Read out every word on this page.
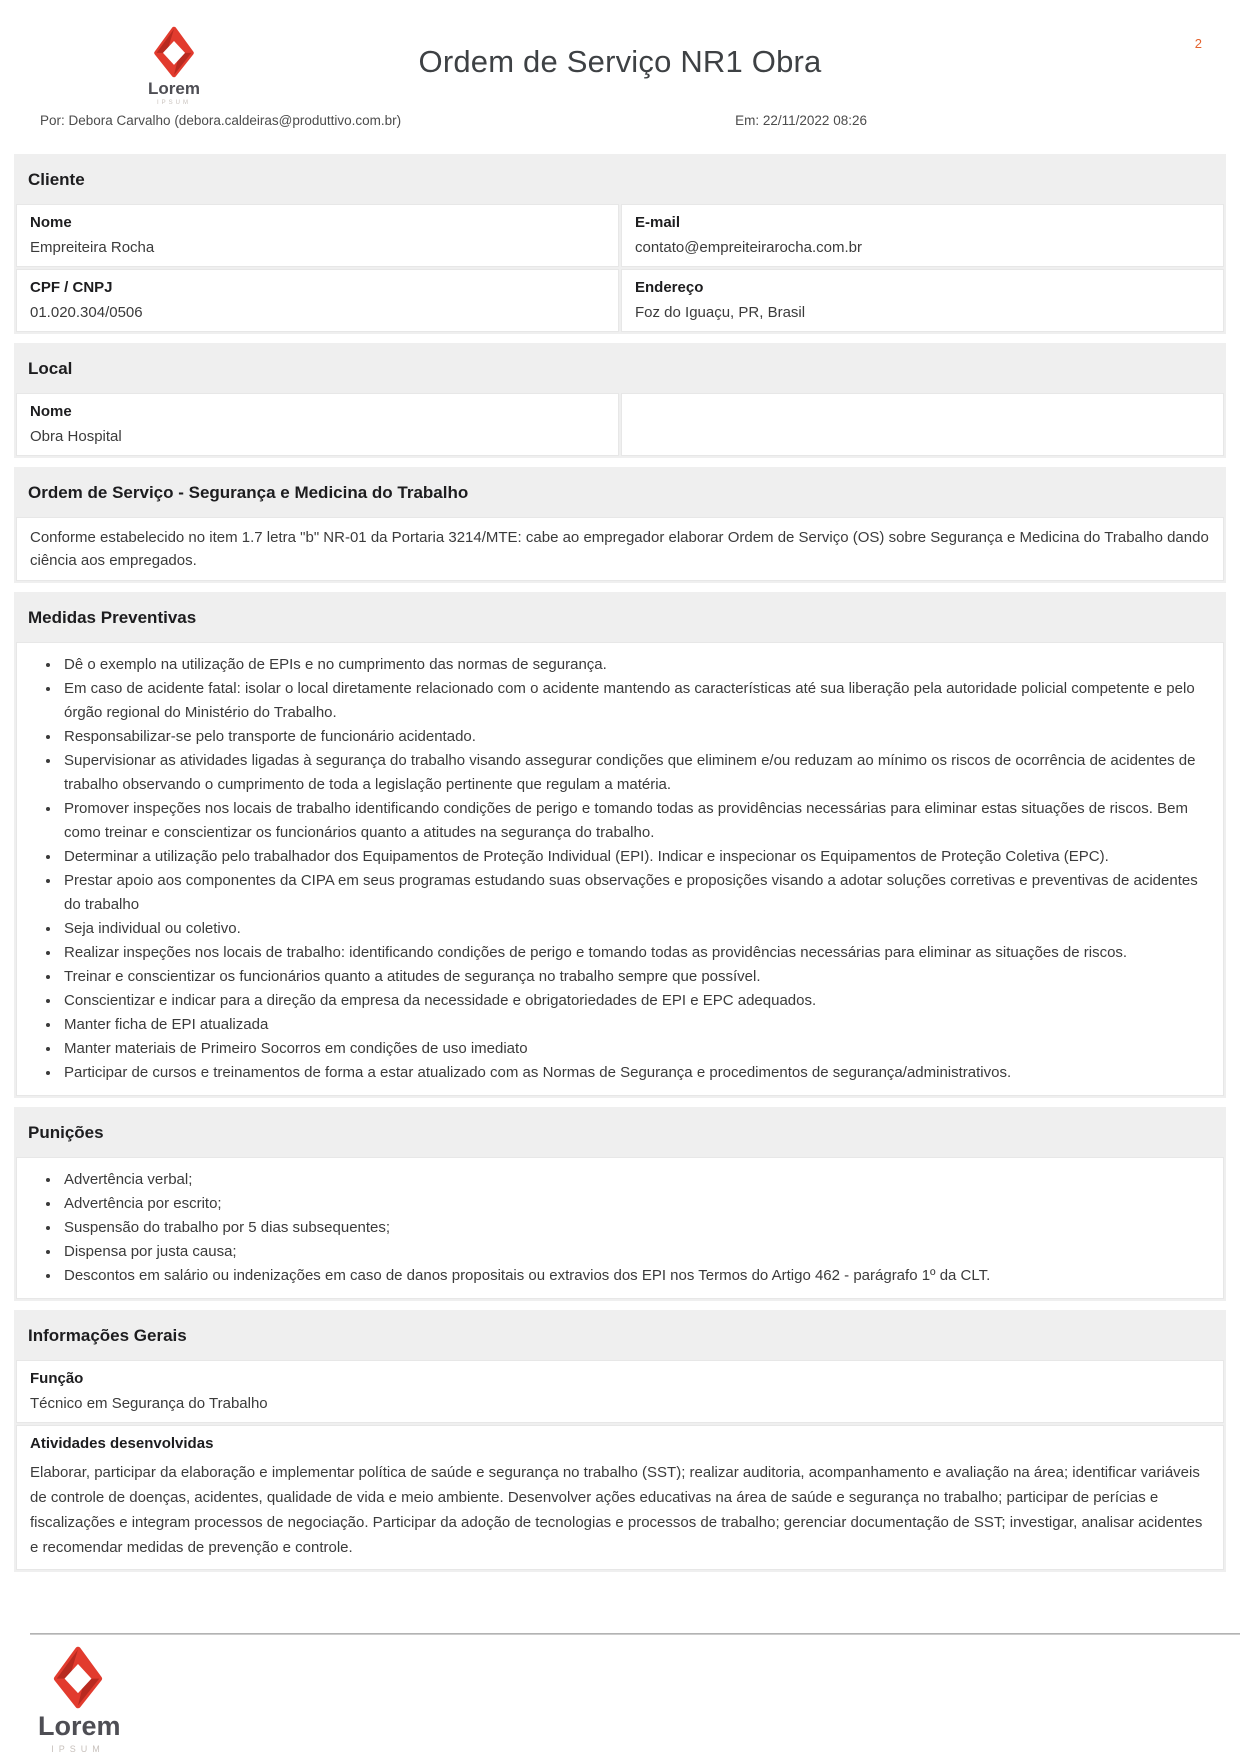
2
Lorem
IPSUM
Ordem de Serviço NR1 Obra
Por: Debora Carvalho (debora.caldeiras@produttivo.com.br)	Em: 22/11/2022 08:26
Cliente
Nome
Empreiteira Rocha
E-mail
contato@empreiteirarocha.com.br
CPF / CNPJ
01.020.304/0506
Endereço
Foz do Iguaçu, PR, Brasil
Local
Nome
Obra Hospital
Ordem de Serviço - Segurança e Medicina do Trabalho
Conforme estabelecido no item 1.7 letra "b" NR-01 da Portaria 3214/MTE: cabe ao empregador elaborar Ordem de Serviço (OS) sobre Segurança e Medicina do Trabalho dando ciência aos empregados.
Medidas Preventivas
• Dê o exemplo na utilização de EPIs e no cumprimento das normas de segurança.
• Em caso de acidente fatal: isolar o local diretamente relacionado com o acidente mantendo as características até sua liberação pela autoridade policial competente e pelo órgão regional do Ministério do Trabalho.
• Responsabilizar-se pelo transporte de funcionário acidentado.
• Supervisionar as atividades ligadas à segurança do trabalho visando assegurar condições que eliminem e/ou reduzam ao mínimo os riscos de ocorrência de acidentes de trabalho observando o cumprimento de toda a legislação pertinente que regulam a matéria.
• Promover inspeções nos locais de trabalho identificando condições de perigo e tomando todas as providências necessárias para eliminar estas situações de riscos. Bem como treinar e conscientizar os funcionários quanto a atitudes na segurança do trabalho.
• Determinar a utilização pelo trabalhador dos Equipamentos de Proteção Individual (EPI). Indicar e inspecionar os Equipamentos de Proteção Coletiva (EPC).
• Prestar apoio aos componentes da CIPA em seus programas estudando suas observações e proposições visando a adotar soluções corretivas e preventivas de acidentes do trabalho
• Seja individual ou coletivo.
• Realizar inspeções nos locais de trabalho: identificando condições de perigo e tomando todas as providências necessárias para eliminar as situações de riscos.
• Treinar e conscientizar os funcionários quanto a atitudes de segurança no trabalho sempre que possível.
• Conscientizar e indicar para a direção da empresa da necessidade e obrigatoriedades de EPI e EPC adequados.
• Manter ficha de EPI atualizada
• Manter materiais de Primeiro Socorros em condições de uso imediato
• Participar de cursos e treinamentos de forma a estar atualizado com as Normas de Segurança e procedimentos de segurança/administrativos.
Punições
• Advertência verbal;
• Advertência por escrito;
• Suspensão do trabalho por 5 dias subsequentes;
• Dispensa por justa causa;
• Descontos em salário ou indenizações em caso de danos propositais ou extravios dos EPI nos Termos do Artigo 462 - parágrafo 1º da CLT.
Informações Gerais
Função
Técnico em Segurança do Trabalho
Atividades desenvolvidas
Elaborar, participar da elaboração e implementar política de saúde e segurança no trabalho (SST); realizar auditoria, acompanhamento e avaliação na área; identificar variáveis de controle de doenças, acidentes, qualidade de vida e meio ambiente. Desenvolver ações educativas na área de saúde e segurança no trabalho; participar de perícias e fiscalizações e integram processos de negociação. Participar da adoção de tecnologias e processos de trabalho; gerenciar documentação de SST; investigar, analisar acidentes e recomendar medidas de prevenção e controle.
Lorem
IPSUM
